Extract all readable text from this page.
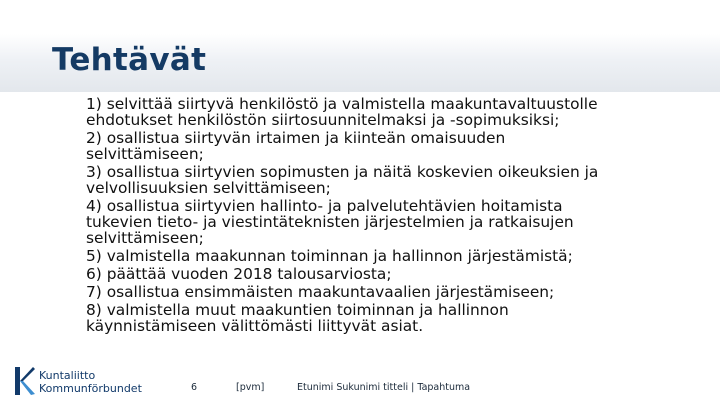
Tehtävät
1) selvittää siirtyvä henkilöstö ja valmistella maakuntavaltuustolle
ehdotukset henkilöstön siirtosuunnitelmaksi ja -sopimuksiksi;
2) osallistua siirtyvän irtaimen ja kiinteän omaisuuden
selvittämiseen;
3) osallistua siirtyvien sopimusten ja näitä koskevien oikeuksien ja
velvollisuuksien selvittämiseen;
4) osallistua siirtyvien hallinto- ja palvelutehtävien hoitamista
tukevien tieto- ja viestintäteknisten järjestelmien ja ratkaisujen
selvittämiseen;
5) valmistella maakunnan toiminnan ja hallinnon järjestämistä;
6) päättää vuoden 2018 talousarviosta;
7) osallistua ensimmäisten maakuntavaalien järjestämiseen;
8) valmistella muut maakuntien toiminnan ja hallinnon
käynnistämiseen välittömästi liittyvät asiat.
Kuntaliitto
Kommunförbundet	6	[pvm]	Etunimi Sukunimi titteli | Tapahtuma
